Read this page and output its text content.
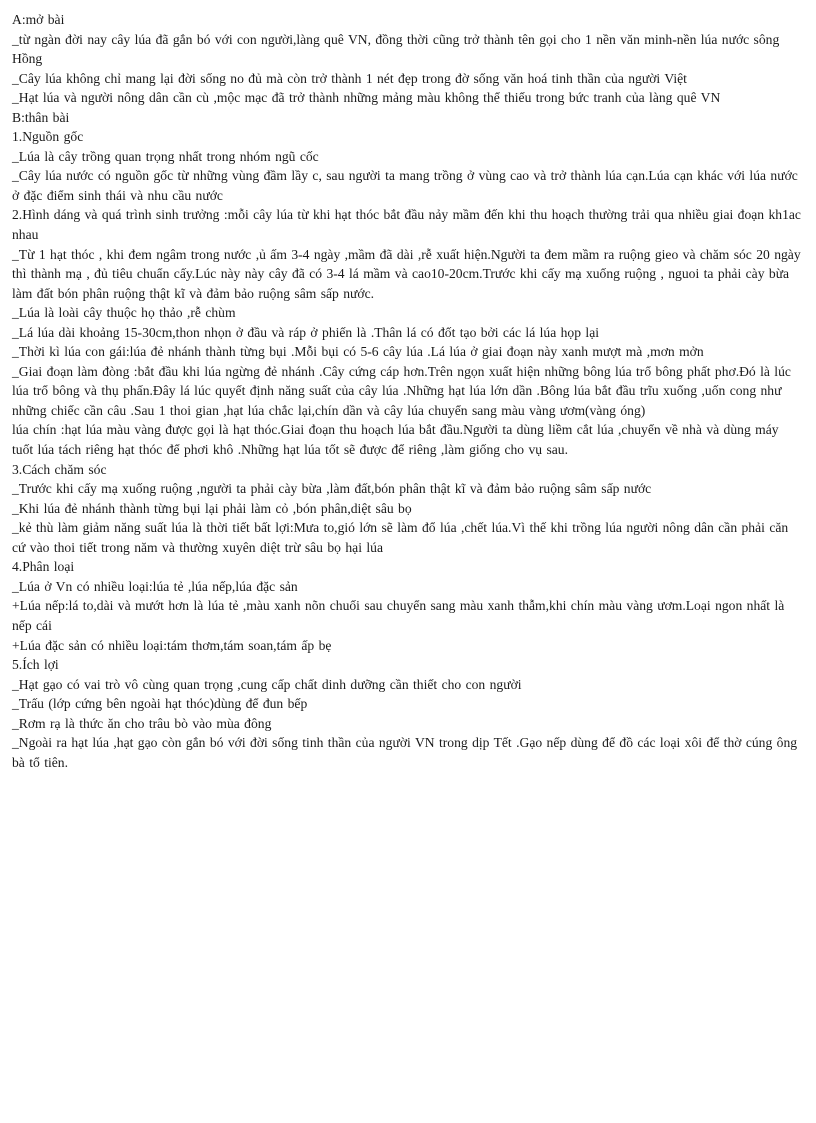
A:mở bài
_từ ngàn đời nay cây lúa đã gắn bó với con người,làng quê VN, đồng thời cũng trở thành tên gọi cho 1 nền văn minh-nền lúa nước sông Hồng
_Cây lúa không chỉ mang lại đời sống no đủ mà còn trở thành 1 nét đẹp trong đờ sống văn hoá tinh thần của người Việt
_Hạt lúa và người nông dân cần cù ,mộc mạc đã trở thành những mảng màu không thể thiếu trong bức tranh của làng quê VN
B:thân bài
1.Nguồn gốc
_Lúa là cây trồng quan trọng nhất trong nhóm ngũ cốc
_Cây lúa nước có nguồn gốc từ những vùng đầm lầy c, sau người ta mang trồng ở vùng cao và trở thành lúa cạn.Lúa cạn khác với lúa nước ở đặc điểm sinh thái và nhu cầu nước
2.Hình dáng và quá trình sinh trưởng :mỗi cây lúa từ khi hạt thóc bắt đầu nảy mầm đến khi thu hoạch thường trải qua nhiều giai đoạn kh1ac nhau
_Từ 1 hạt thóc , khi đem ngâm trong nước ,ủ ấm 3-4 ngày ,mầm đã dài ,rễ xuất hiện.Người ta đem mầm ra ruộng gieo và chăm sóc 20 ngày thì thành mạ , đủ tiêu chuẩn cấy.Lúc này này cây đã có 3-4 lá mầm và cao10-20cm.Trước khi cấy mạ xuống ruộng , nguoi ta phải cày bừa làm đất bón phân ruộng thật kĩ và đảm bảo ruộng sâm sấp nước.
_Lúa là loài cây thuộc họ thảo ,rễ chùm
_Lá lúa dài khoảng 15-30cm,thon nhọn ở đầu và ráp ở phiến là .Thân lá có đốt tạo bởi các lá lúa họp lại
_Thời kì lúa con gái:lúa đẻ nhánh thành từng bụi .Mỗi bụi có 5-6 cây lúa .Lá lúa ở giai đoạn này xanh mượt mà ,mơn mởn
_Giai đoạn làm đòng :bắt đầu khi lúa ngừng đẻ nhánh .Cây cứng cáp hơn.Trên ngọn xuất hiện những bông lúa trổ bông phất phơ.Đó là lúc lúa trổ bông và thụ phấn.Đây lá lúc quyết định năng suất của cây lúa .Những hạt lúa lớn dần .Bông lúa bắt đầu trĩu xuống ,uốn cong như những chiếc cần câu .Sau 1 thoi gian ,hạt lúa chắc lại,chín dần và cây lúa chuyển sang màu vàng ươm(vàng óng)
lúa chín :hạt lúa màu vàng được gọi là hạt thóc.Giai đoạn thu hoạch lúa bắt đầu.Người ta dùng liềm cắt lúa ,chuyển về nhà và dùng máy tuốt lúa tách riêng hạt thóc để phơi khô .Những hạt lúa tốt sẽ được để riêng ,làm giống cho vụ sau.
3.Cách chăm sóc
_Trước khi cấy mạ xuống ruộng ,người ta phải cày bừa ,làm đất,bón phân thật kĩ và đảm bảo ruộng sâm sấp nước
_Khi lúa đẻ nhánh thành từng bụi lại phải làm cỏ ,bón phân,diệt sâu bọ
_kẻ thù làm giảm năng suất lúa là thời tiết bất lợi:Mưa to,gió lớn sẽ làm đổ lúa ,chết lúa.Vì thế khi trồng lúa người nông dân cần phải căn cứ vào thoi tiết trong năm và thường xuyên diệt trừ sâu bọ hại lúa
4.Phân loại
_Lúa ở Vn có nhiều loại:lúa tẻ ,lúa nếp,lúa đặc sản
+Lúa nếp:lá to,dài và mướt hơn là lúa tẻ ,màu xanh nõn chuối sau chuyển sang màu xanh thẫm,khi chín màu vàng ươm.Loại ngon nhất là nếp cái
+Lúa đặc sản có nhiều loại:tám thơm,tám soan,tám ấp bẹ
5.Ích lợi
_Hạt gạo có vai trò vô cùng quan trọng ,cung cấp chất dinh dưỡng cần thiết cho con người
_Trấu (lớp cứng bên ngoài hạt thóc)dùng để đun bếp
_Rơm rạ là thức ăn cho trâu bò vào mùa đông
_Ngoài ra hạt lúa ,hạt gạo còn gắn bó với đời sống tinh thần của người VN trong dịp Tết .Gạo nếp dùng để đồ các loại xôi để thờ cúng ông bà tổ tiên.
